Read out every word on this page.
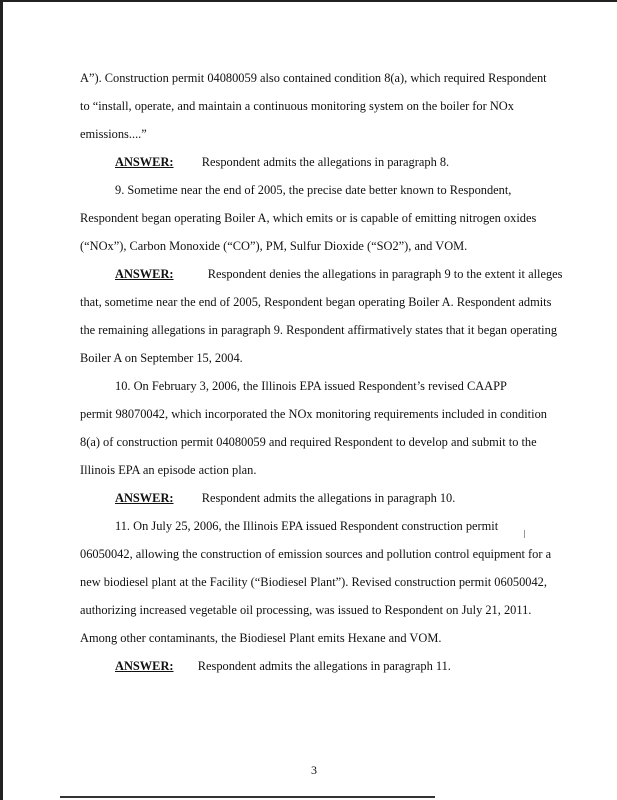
A”). Construction permit 04080059 also contained condition 8(a), which required Respondent
to “install, operate, and maintain a continuous monitoring system on the boiler for NOx
emissions....”
ANSWER: Respondent admits the allegations in paragraph 8.
9. Sometime near the end of 2005, the precise date better known to Respondent,
Respondent began operating Boiler A, which emits or is capable of emitting nitrogen oxides
(“NOx”), Carbon Monoxide (“CO”), PM, Sulfur Dioxide (“SO2”), and VOM.
ANSWER:	Respondent denies the allegations in paragraph 9 to the extent it alleges
that, sometime near the end of 2005, Respondent began operating Boiler A. Respondent admits
the remaining allegations in paragraph 9. Respondent affirmatively states that it began operating
Boiler A on September 15, 2004.
10. On February 3, 2006, the Illinois EPA issued Respondent’s revised CAAPP
permit 98070042, which incorporated the NOx monitoring requirements included in condition
8(a) of construction permit 04080059 and required Respondent to develop and submit to the
Illinois EPA an episode action plan.
ANSWER: Respondent admits the allegations in paragraph 10.
11. On July 25, 2006, the Illinois EPA issued Respondent construction permit
06050042, allowing the construction of emission sources and pollution control equipment for a
new biodiesel plant at the Facility (“Biodiesel Plant”). Revised construction permit 06050042,
authorizing increased vegetable oil processing, was issued to Respondent on July 21, 2011.
Among other contaminants, the Biodiesel Plant emits Hexane and VOM.
ANSWER: Respondent admits the allegations in paragraph 11.
3
